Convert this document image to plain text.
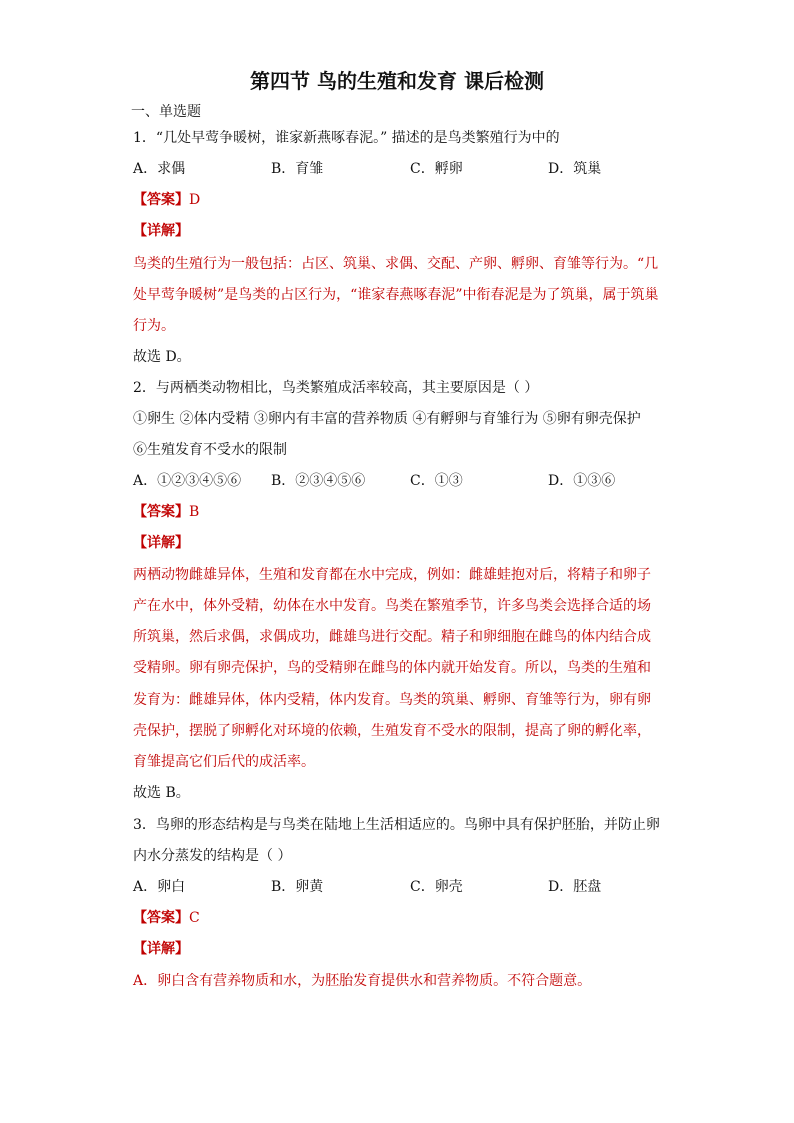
第四节 鸟的生殖和发育 课后检测
一、单选题
1．“几处早莺争暖树，谁家新燕啄春泥。” 描述的是鸟类繁殖行为中的
A．求偶	B．育雏	C．孵卵	D．筑巢
【答案】D
【详解】
鸟类的生殖行为一般包括：占区、筑巢、求偶、交配、产卵、孵卵、育雏等行为。“几
处早莺争暖树”是鸟类的占区行为，“谁家春燕啄春泥”中衔春泥是为了筑巢，属于筑巢
行为。
故选 D。
2．与两栖类动物相比，鸟类繁殖成活率较高，其主要原因是（ ）
①卵生 ②体内受精 ③卵内有丰富的营养物质 ④有孵卵与育雏行为 ⑤卵有卵壳保护
⑥生殖发育不受水的限制
A．①②③④⑤⑥ B．②③④⑤⑥	C．①③	D．①③⑥
【答案】B
【详解】
两栖动物雌雄异体，生殖和发育都在水中完成，例如：雌雄蛙抱对后，将精子和卵子
产在水中，体外受精，幼体在水中发育。鸟类在繁殖季节，许多鸟类会选择合适的场
所筑巢，然后求偶，求偶成功，雌雄鸟进行交配。精子和卵细胞在雌鸟的体内结合成
受精卵。卵有卵壳保护，鸟的受精卵在雌鸟的体内就开始发育。所以，鸟类的生殖和
发育为：雌雄异体，体内受精，体内发育。鸟类的筑巢、孵卵、育雏等行为，卵有卵
壳保护，摆脱了卵孵化对环境的依赖，生殖发育不受水的限制，提高了卵的孵化率，
育雏提高它们后代的成活率。
故选 B。
3．鸟卵的形态结构是与鸟类在陆地上生活相适应的。鸟卵中具有保护胚胎，并防止卵
内水分蒸发的结构是（ ）
A．卵白	B．卵黄	C．卵壳	D．胚盘
【答案】C
【详解】
A．卵白含有营养物质和水，为胚胎发育提供水和营养物质。不符合题意。
